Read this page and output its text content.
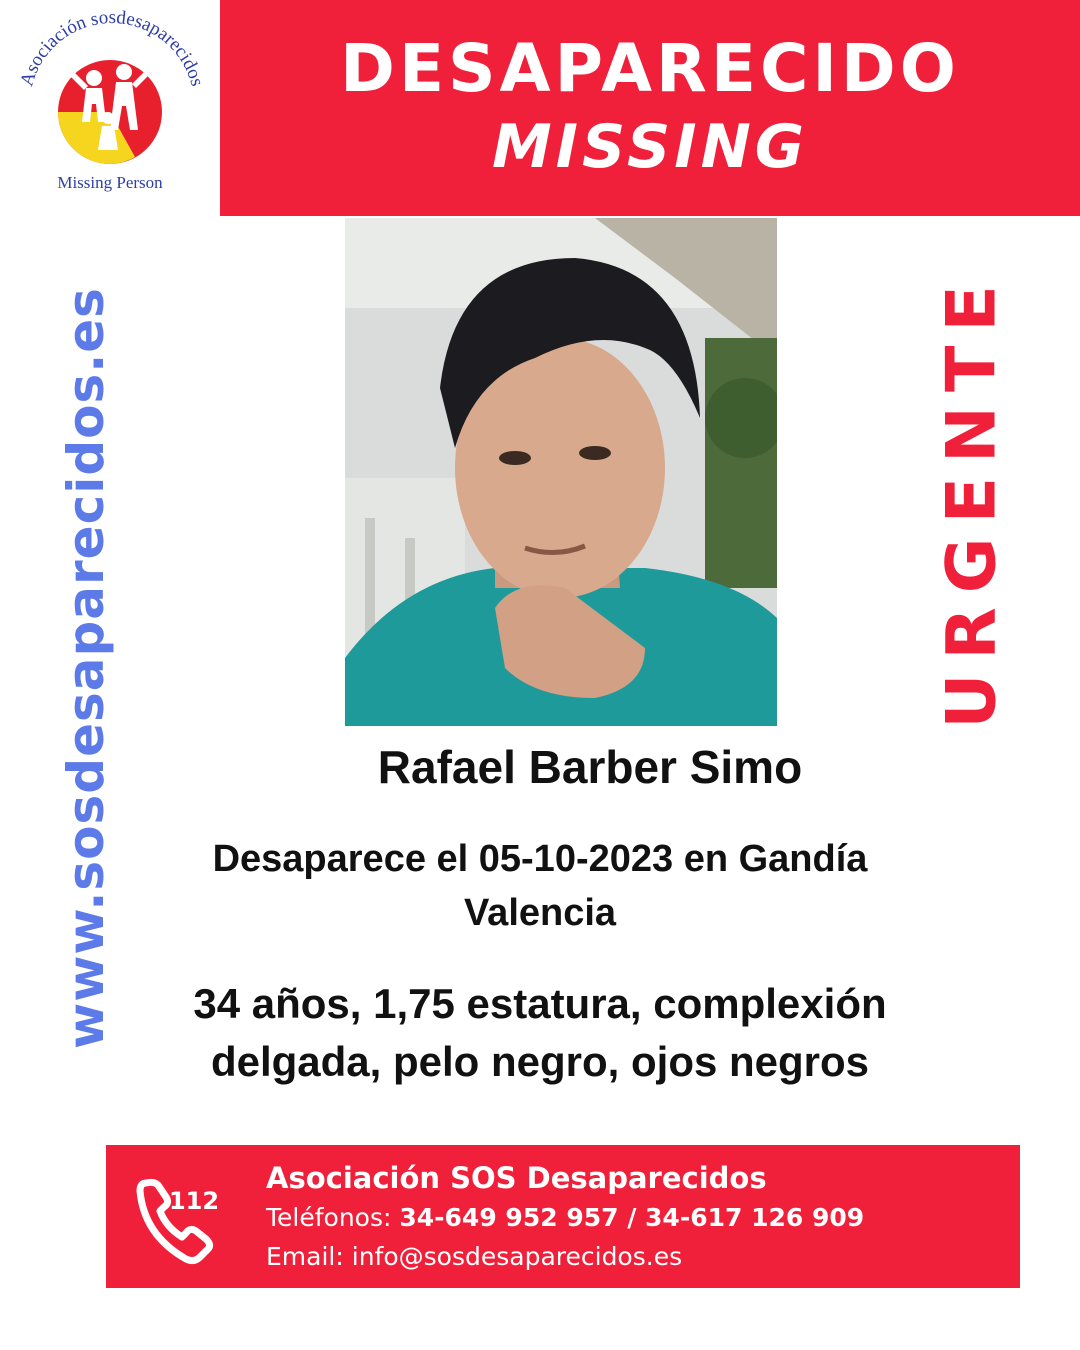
Asociación sosdesaparecidos
Missing Person
DESAPARECIDO
MISSING
www.sosdesaparecidos.es	URGENTE
Rafael Barber Simo
Desaparece el 05-10-2023 en Gandía
Valencia
34 años, 1,75 estatura, complexión
delgada, pelo negro, ojos negros
112
Asociación SOS Desaparecidos
Teléfonos: 34-649 952 957 / 34-617 126 909
Email: info@sosdesaparecidos.es
